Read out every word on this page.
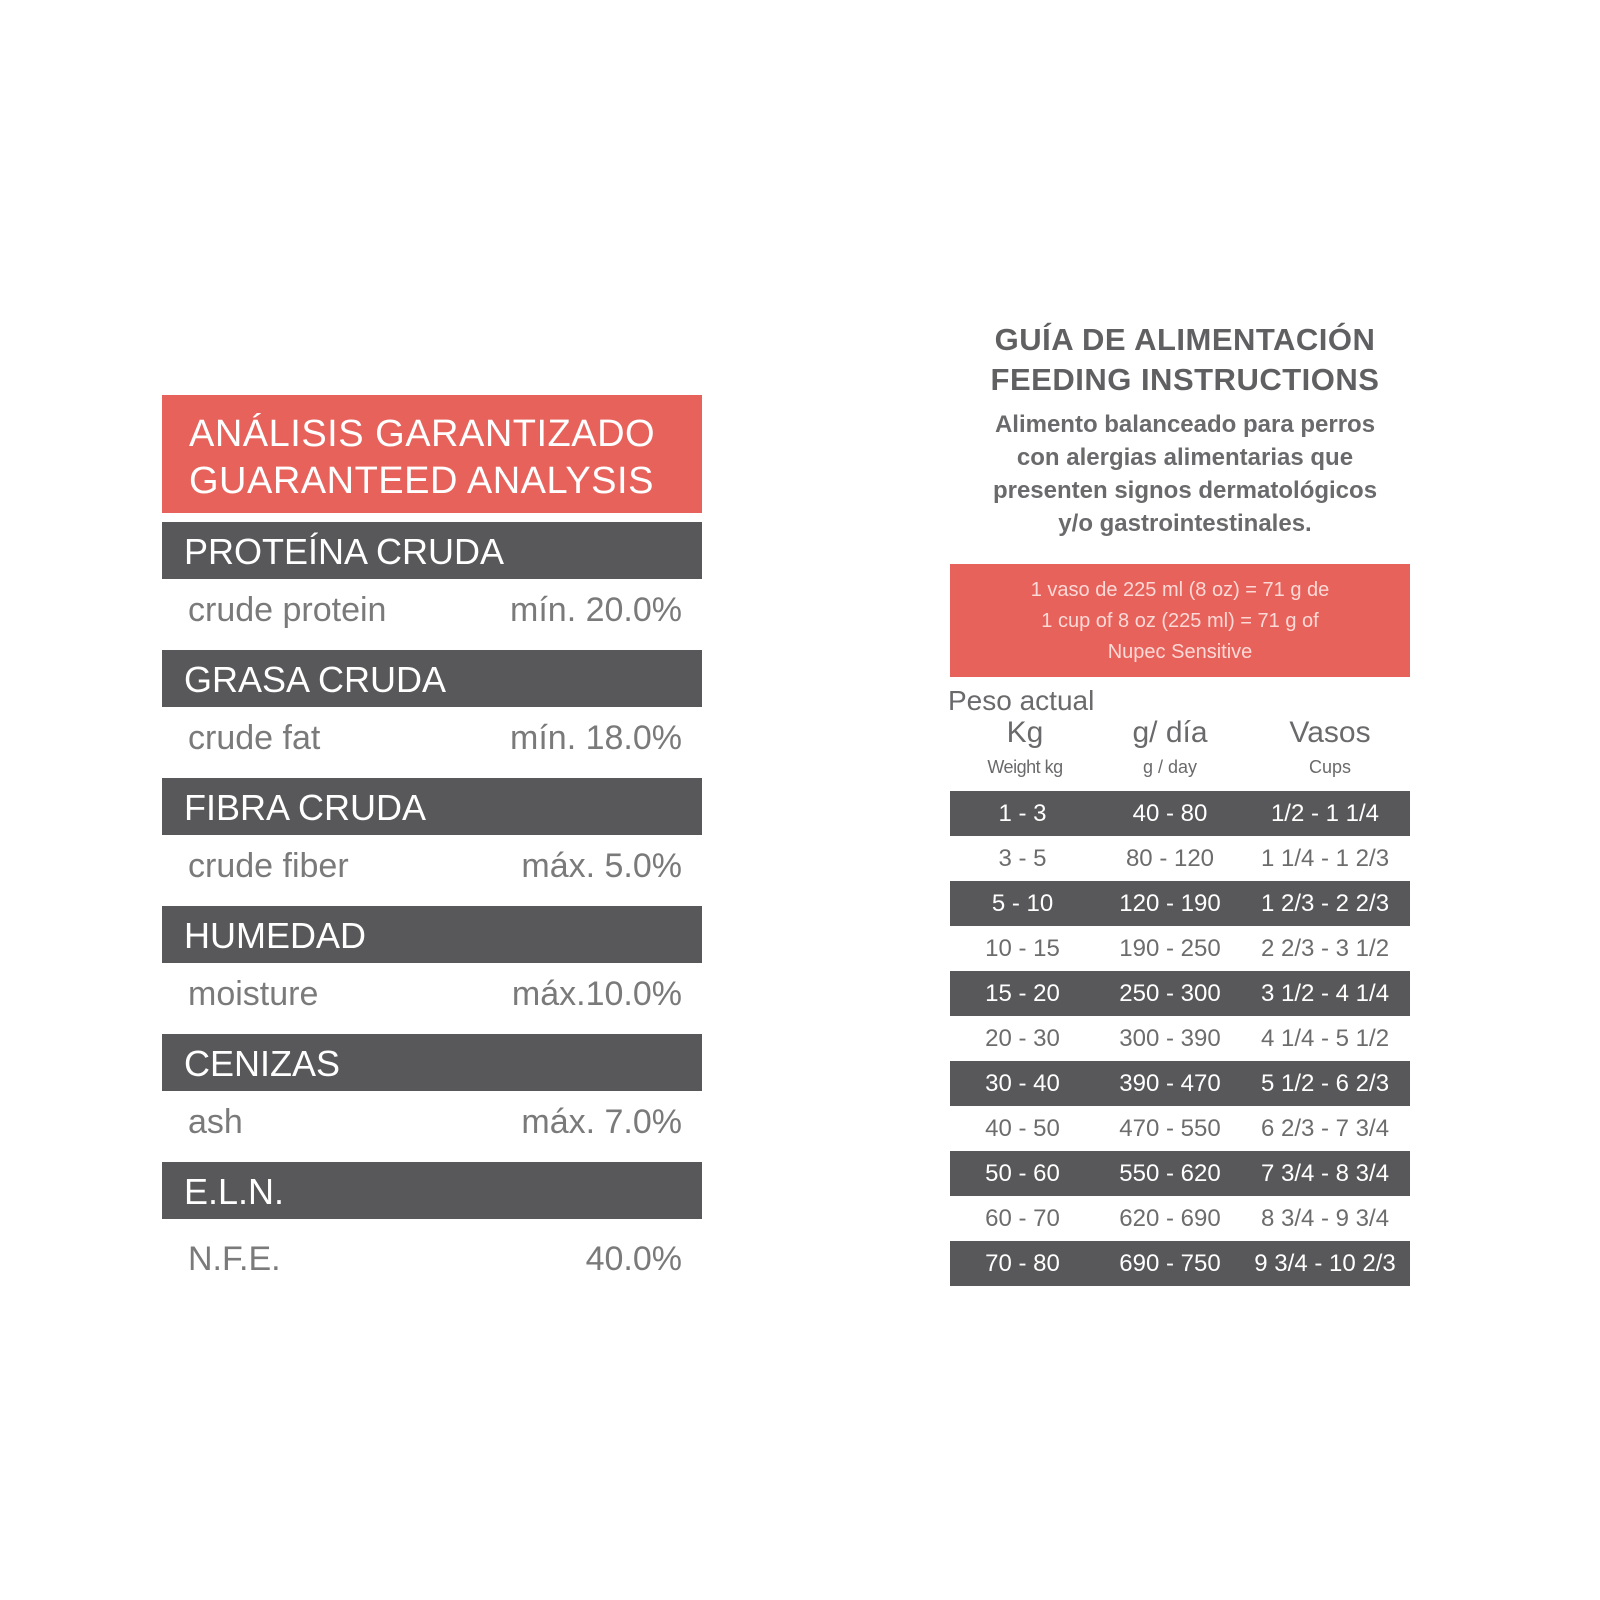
ANÁLISIS GARANTIZADO
GUARANTEED ANALYSIS
PROTEÍNA CRUDA
crude protein	mín. 20.0%
GRASA CRUDA
crude fat	mín. 18.0%
FIBRA CRUDA
crude fiber	máx. 5.0%
HUMEDAD
moisture	máx.10.0%
CENIZAS
ash	máx. 7.0%
E.L.N.
N.F.E.	40.0%
GUÍA DE ALIMENTACIÓN
FEEDING INSTRUCTIONS
Alimento balanceado para perros
con alergias alimentarias que
presenten signos dermatológicos
y/o gastrointestinales.
1 vaso de 225 ml (8 oz) = 71 g de
1 cup of 8 oz (225 ml) = 71 g of
Nupec Sensitive
Peso actual
Kg
Weight kg
g/ día
g / day
Vasos
Cups
1 - 3	40 - 80	1/2 - 1 1/4
3 - 5	80 - 120	1 1/4 - 1 2/3
5 - 10	120 - 190	1 2/3 - 2 2/3
10 - 15	190 - 250	2 2/3 - 3 1/2
15 - 20	250 - 300	3 1/2 - 4 1/4
20 - 30	300 - 390	4 1/4 - 5 1/2
30 - 40	390 - 470	5 1/2 - 6 2/3
40 - 50	470 - 550	6 2/3 - 7 3/4
50 - 60	550 - 620	7 3/4 - 8 3/4
60 - 70	620 - 690	8 3/4 - 9 3/4
70 - 80	690 - 750	9 3/4 - 10 2/3
